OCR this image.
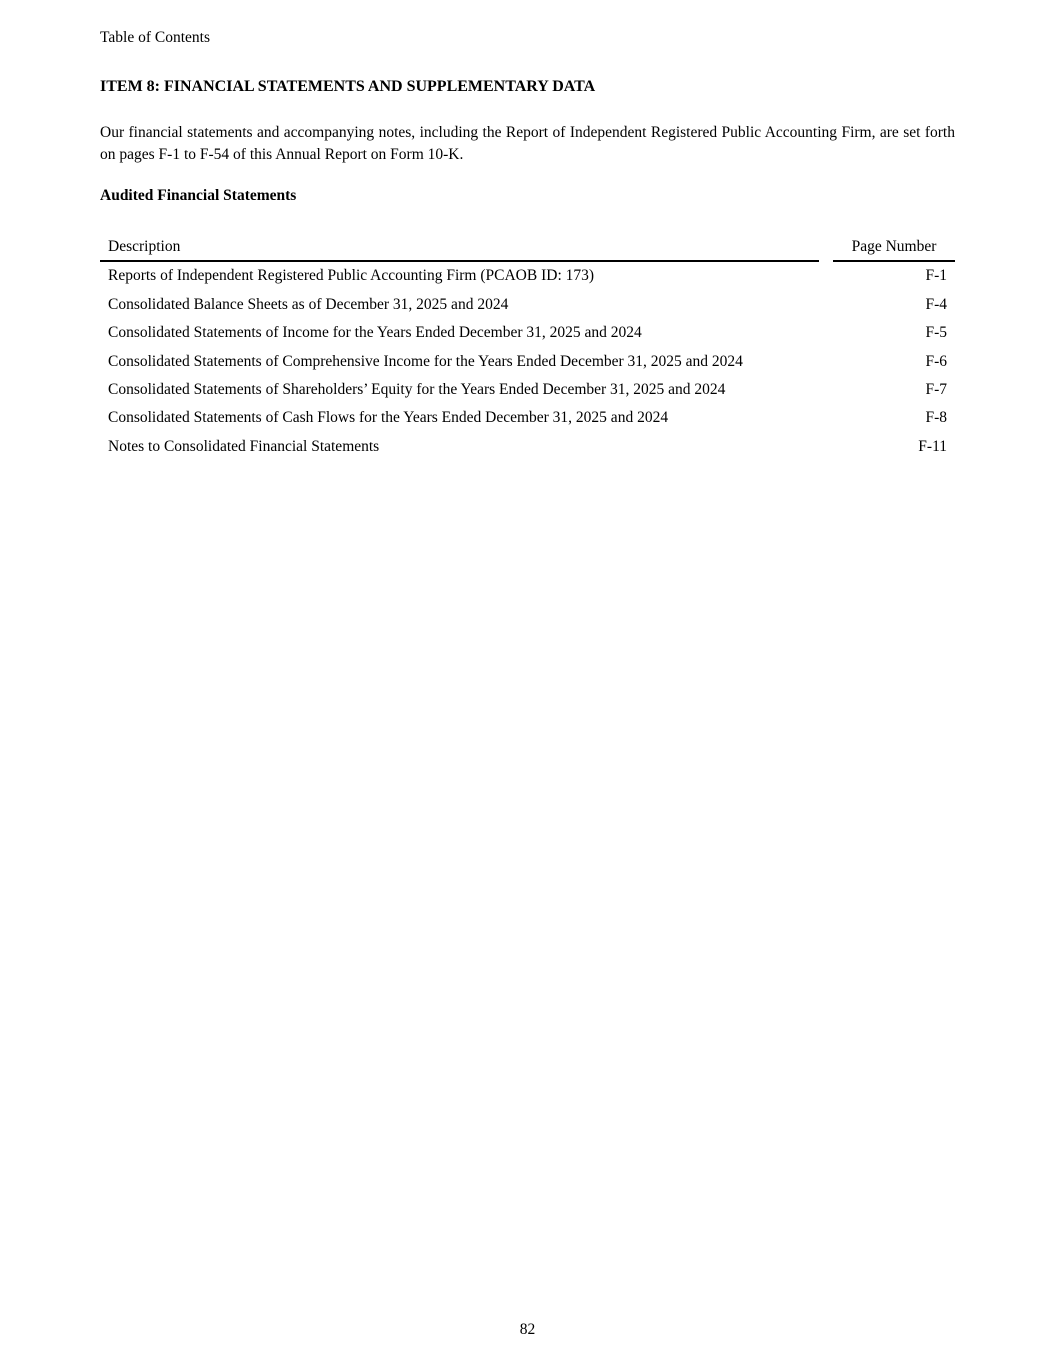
Table of Contents
ITEM 8: FINANCIAL STATEMENTS AND SUPPLEMENTARY DATA

Our financial statements and accompanying notes, including the Report of Independent Registered Public Accounting Firm, are set forth on pages F-1 to F-54 of this Annual Report on Form 10-K.

Audited Financial Statements
Description		Page Number
Reports of Independent Registered Public Accounting Firm (PCAOB ID: 173)		F-1
Consolidated Balance Sheets as of December 31, 2025 and 2024		F-4
Consolidated Statements of Income for the Years Ended December 31, 2025 and 2024		F-5
Consolidated Statements of Comprehensive Income for the Years Ended December 31, 2025 and 2024		F-6
Consolidated Statements of Shareholders’ Equity for the Years Ended December 31, 2025 and 2024		F-7
Consolidated Statements of Cash Flows for the Years Ended December 31, 2025 and 2024		F-8
Notes to Consolidated Financial Statements		F-11
82
